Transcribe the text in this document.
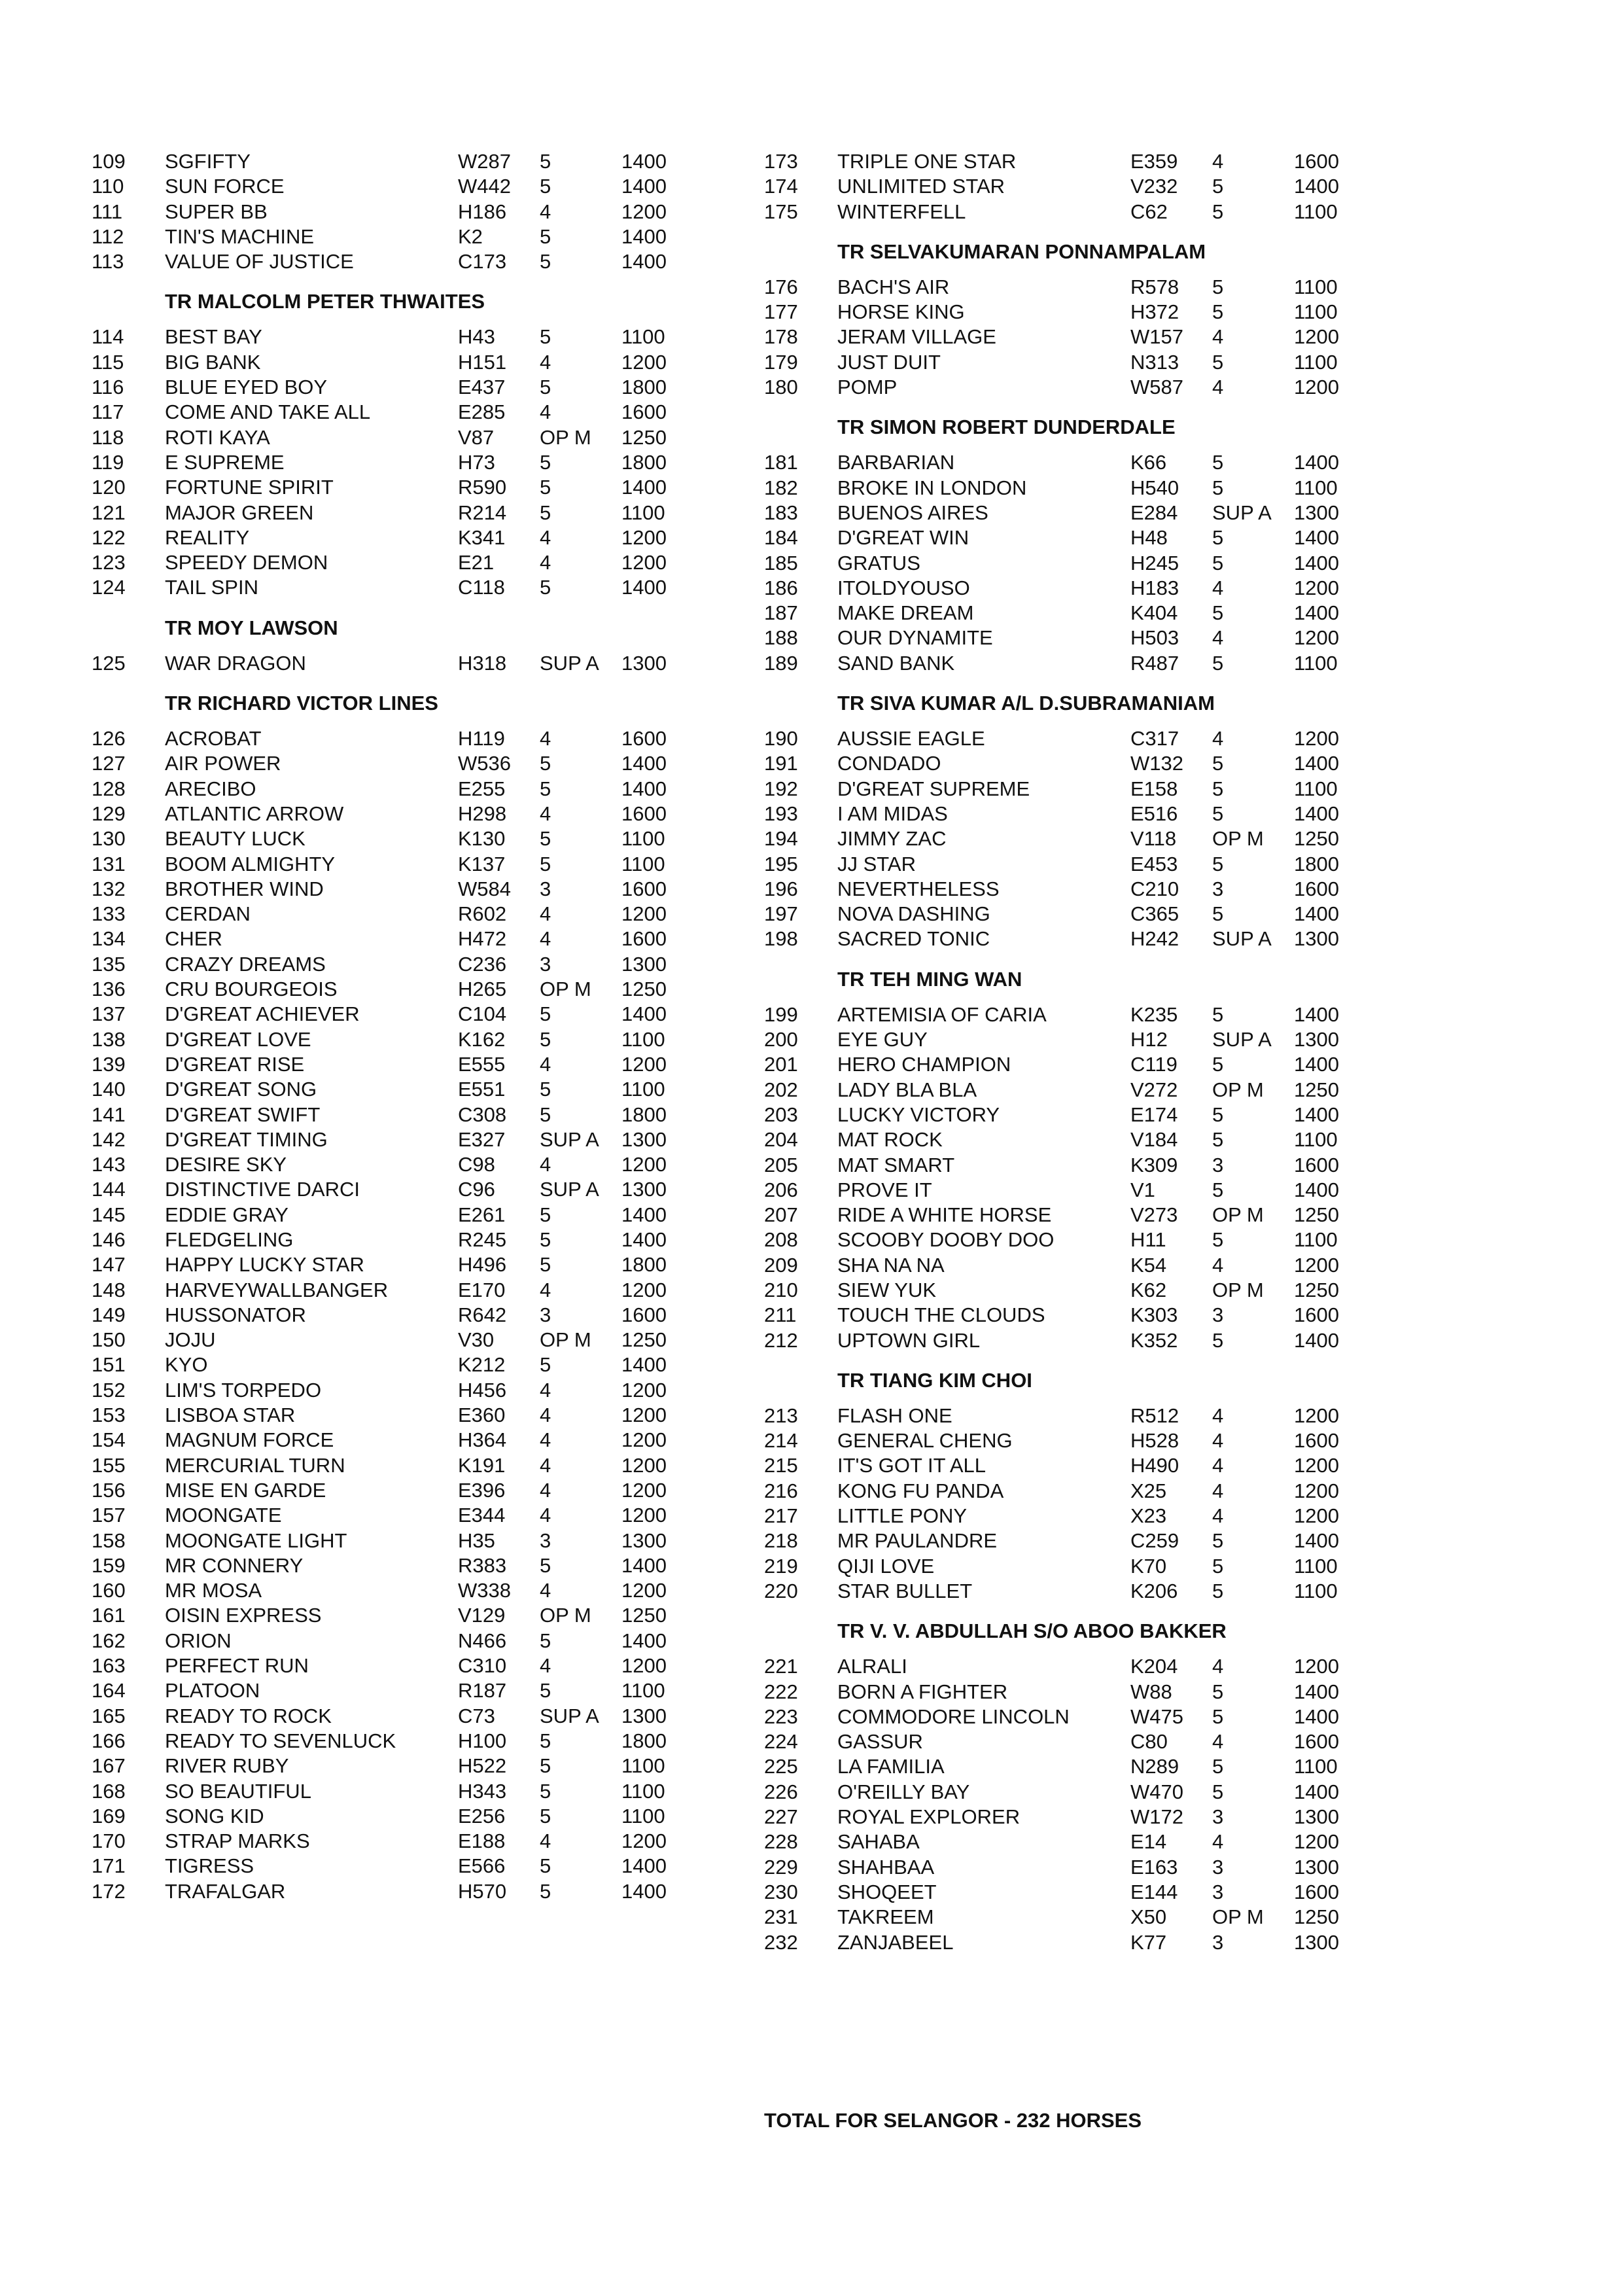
109 SGFIFTY	W287 5	1400
110 SUN FORCE	W442 5	1400
111 SUPER BB	H186 4	1200
112 TIN'S MACHINE	K2	5	1400
113 VALUE OF JUSTICE	C173 5	1400
TR MALCOLM PETER THWAITES
114 BEST BAY	H43 5	1100
115 BIG BANK	H151 4	1200
116 BLUE EYED BOY	E437 5	1800
117 COME AND TAKE ALL	E285 4	1600
118 ROTI KAYA	V87 OP M 1250
119 E SUPREME	H73 5	1800
120 FORTUNE SPIRIT	R590 5	1400
121 MAJOR GREEN	R214 5	1100
122 REALITY	K341 4	1200
123 SPEEDY DEMON	E21 4	1200
124 TAIL SPIN	C118 5	1400
TR MOY LAWSON
125 WAR DRAGON	H318 SUP A 1300
TR RICHARD VICTOR LINES
126 ACROBAT	H119 4	1600
127 AIR POWER	W536 5	1400
128 ARECIBO	E255 5	1400
129 ATLANTIC ARROW	H298 4	1600
130 BEAUTY LUCK	K130 5	1100
131 BOOM ALMIGHTY	K137 5	1100
132 BROTHER WIND	W584 3	1600
133 CERDAN	R602 4	1200
134 CHER	H472 4	1600
135 CRAZY DREAMS	C236 3	1300
136 CRU BOURGEOIS	H265 OP M 1250
137 D'GREAT ACHIEVER	C104 5	1400
138 D'GREAT LOVE	K162 5	1100
139 D'GREAT RISE	E555 4	1200
140 D'GREAT SONG	E551 5	1100
141 D'GREAT SWIFT	C308 5	1800
142 D'GREAT TIMING	E327 SUP A 1300
143 DESIRE SKY	C98 4	1200
144 DISTINCTIVE DARCI	C96 SUP A 1300
145 EDDIE GRAY	E261 5	1400
146 FLEDGELING	R245 5	1400
147 HAPPY LUCKY STAR	H496 5	1800
148 HARVEYWALLBANGER	E170 4	1200
149 HUSSONATOR	R642 3	1600
150 JOJU	V30 OP M 1250
151 KYO	K212 5	1400
152 LIM'S TORPEDO	H456 4	1200
153 LISBOA STAR	E360 4	1200
154 MAGNUM FORCE	H364 4	1200
155 MERCURIAL TURN	K191 4	1200
156 MISE EN GARDE	E396 4	1200
157 MOONGATE	E344 4	1200
158 MOONGATE LIGHT	H35 3	1300
159 MR CONNERY	R383 5	1400
160 MR MOSA	W338 4	1200
161 OISIN EXPRESS	V129 OP M 1250
162 ORION	N466 5	1400
163 PERFECT RUN	C310 4	1200
164 PLATOON	R187 5	1100
165 READY TO ROCK	C73 SUP A 1300
166 READY TO SEVENLUCK	H100 5	1800
167 RIVER RUBY	H522 5	1100
168 SO BEAUTIFUL	H343 5	1100
169 SONG KID	E256 5	1100
170 STRAP MARKS	E188 4	1200
171 TIGRESS	E566 5	1400
172 TRAFALGAR	H570 5	1400
173 TRIPLE ONE STAR	E359 4	1600
174 UNLIMITED STAR	V232 5	1400
175 WINTERFELL	C62 5	1100
TR SELVAKUMARAN PONNAMPALAM
176 BACH'S AIR	R578 5	1100
177 HORSE KING	H372 5	1100
178 JERAM VILLAGE	W157 4	1200
179 JUST DUIT	N313 5	1100
180 POMP	W587 4	1200
TR SIMON ROBERT DUNDERDALE
181 BARBARIAN	K66 5	1400
182 BROKE IN LONDON	H540 5	1100
183 BUENOS AIRES	E284 SUP A 1300
184 D'GREAT WIN	H48 5	1400
185 GRATUS	H245 5	1400
186 ITOLDYOUSO	H183 4	1200
187 MAKE DREAM	K404 5	1400
188 OUR DYNAMITE	H503 4	1200
189 SAND BANK	R487 5	1100
TR SIVA KUMAR A/L D.SUBRAMANIAM
190 AUSSIE EAGLE	C317 4	1200
191 CONDADO	W132 5	1400
192 D'GREAT SUPREME	E158 5	1100
193 I AM MIDAS	E516 5	1400
194 JIMMY ZAC	V118 OP M 1250
195 JJ STAR	E453 5	1800
196 NEVERTHELESS	C210 3	1600
197 NOVA DASHING	C365 5	1400
198 SACRED TONIC	H242 SUP A 1300
TR TEH MING WAN
199 ARTEMISIA OF CARIA	K235 5	1400
200 EYE GUY	H12 SUP A 1300
201 HERO CHAMPION	C119 5	1400
202 LADY BLA BLA	V272 OP M 1250
203 LUCKY VICTORY	E174 5	1400
204 MAT ROCK	V184 5	1100
205 MAT SMART	K309 3	1600
206 PROVE IT	V1	5	1400
207 RIDE A WHITE HORSE	V273 OP M 1250
208 SCOOBY DOOBY DOO	H11 5	1100
209 SHA NA NA	K54 4	1200
210 SIEW YUK	K62 OP M 1250
211 TOUCH THE CLOUDS	K303 3	1600
212 UPTOWN GIRL	K352 5	1400
TR TIANG KIM CHOI
213 FLASH ONE	R512 4	1200
214 GENERAL CHENG	H528 4	1600
215 IT'S GOT IT ALL	H490 4	1200
216 KONG FU PANDA	X25 4	1200
217 LITTLE PONY	X23 4	1200
218 MR PAULANDRE	C259 5	1400
219 QIJI LOVE	K70 5	1100
220 STAR BULLET	K206 5	1100
TR V. V. ABDULLAH S/O ABOO BAKKER
221 ALRALI	K204 4	1200
222 BORN A FIGHTER	W88 5	1400
223 COMMODORE LINCOLN	W475 5	1400
224 GASSUR	C80 4	1600
225 LA FAMILIA	N289 5	1100
226 O'REILLY BAY	W470 5	1400
227 ROYAL EXPLORER	W172 3	1300
228 SAHABA	E14 4	1200
229 SHAHBAA	E163 3	1300
230 SHOQEET	E144 3	1600
231 TAKREEM	X50 OP M 1250
232 ZANJABEEL	K77 3	1300
TOTAL FOR SELANGOR - 232 HORSES
